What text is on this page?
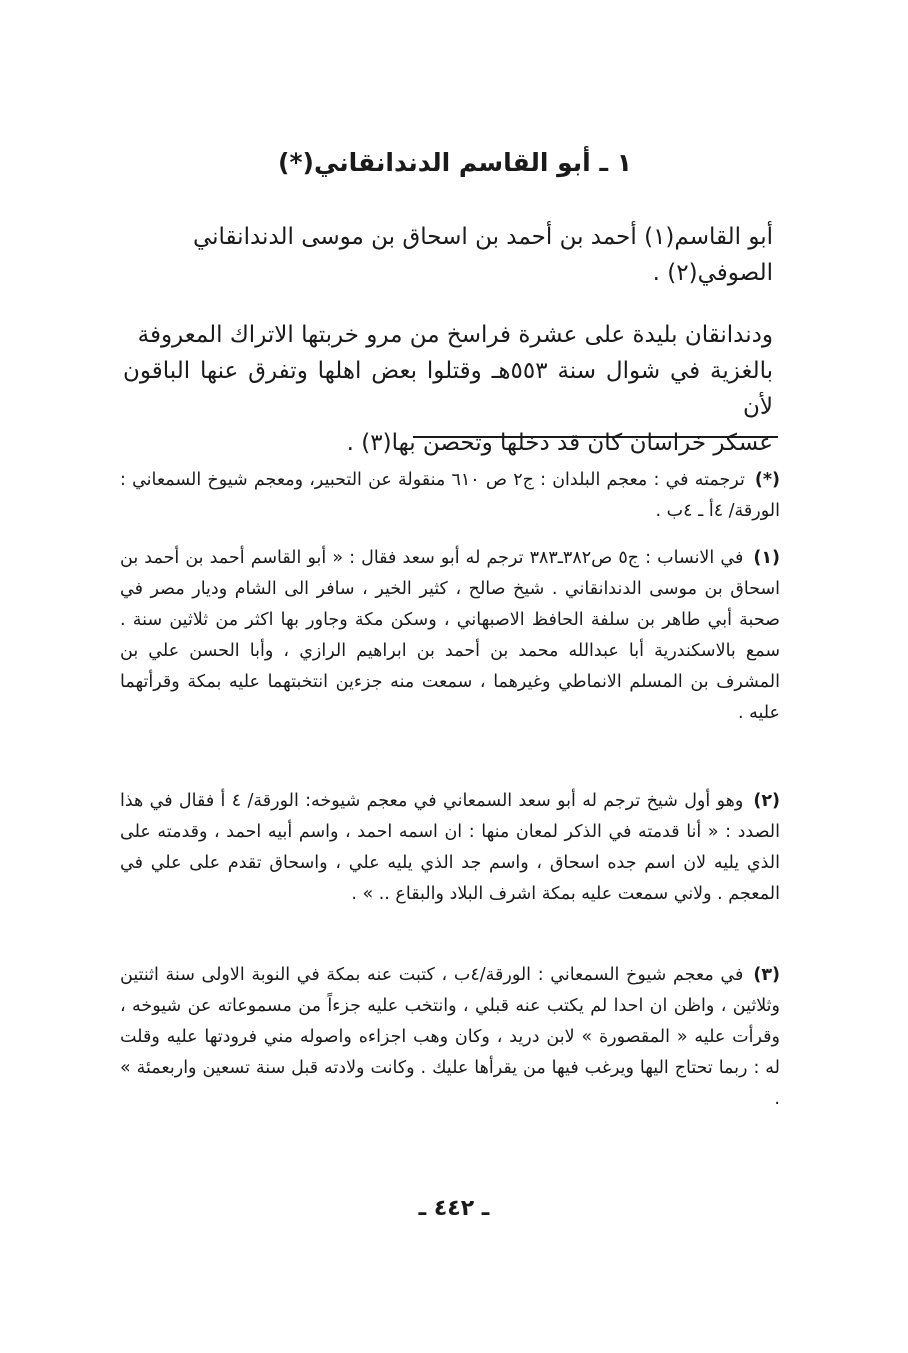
١ ـ أبو القاسم الدندانقاني(*)

أبو القاسم(١) أحمد بن أحمد بن اسحاق بن موسى الدندانقاني

الصوفي(٢) .

ودندانقان بليدة على عشرة فراسخ من مرو خربتها الاتراك المعروفة

بالغزية في شوال سنة ٥٥٣هـ وقتلوا بعض اهلها وتفرق عنها الباقون لأن

عسكر خراسان كان قد دخلها وتحصن بها(٣) .

(*)ترجمته في : معجم البلدان : ج٢ ص ٦١٠ منقولة عن التحبير، ومعجم شيوخ السمعاني : الورقة/ ٤أ ـ ٤ب .
(١)في الانساب : ج٥ ص٣٨٢ـ٣٨٣ ترجم له أبو سعد فقال : « أبو القاسم أحمد بن أحمد بن اسحاق بن موسى الدندانقاني . شيخ صالح ، كثير الخير ، سافر الى الشام وديار مصر في صحبة أبي طاهر بن سلفة الحافظ الاصبهاني ، وسكن مكة وجاور بها اكثر من ثلاثين سنة . سمع بالاسكندرية أبا عبدالله محمد بن أحمد بن ابراهيم الرازي ، وأبا الحسن علي بن المشرف بن المسلم الانماطي وغيرهما ، سمعت منه جزءين انتخبتهما عليه بمكة وقرأتهما عليه .
(٢)وهو أول شيخ ترجم له أبو سعد السمعاني في معجم شيوخه: الورقة/ ٤ أ فقال في هذا الصدد : « أنا قدمته في الذكر لمعان منها : ان اسمه احمد ، واسم أبيه احمد ، وقدمته على الذي يليه لان اسم جده اسحاق ، واسم جد الذي يليه علي ، واسحاق تقدم على علي في المعجم . ولاني سمعت عليه بمكة اشرف البلاد والبقاع .. » .
(٣)في معجم شيوخ السمعاني : الورقة/٤ب ، كتبت عنه بمكة في النوبة الاولى سنة اثنتين وثلاثين ، واظن ان احدا لم يكتب عنه قبلي ، وانتخب عليه جزءاً من مسموعاته عن شيوخه ، وقرأت عليه « المقصورة » لابن دريد ، وكان وهب اجزاءه واصوله مني فرودتها عليه وقلت له : ربما تحتاج اليها ويرغب فيها من يقرأها عليك . وكانت ولادته قبل سنة تسعين واربعمئة » .
ـ ٤٤٢ ـ
